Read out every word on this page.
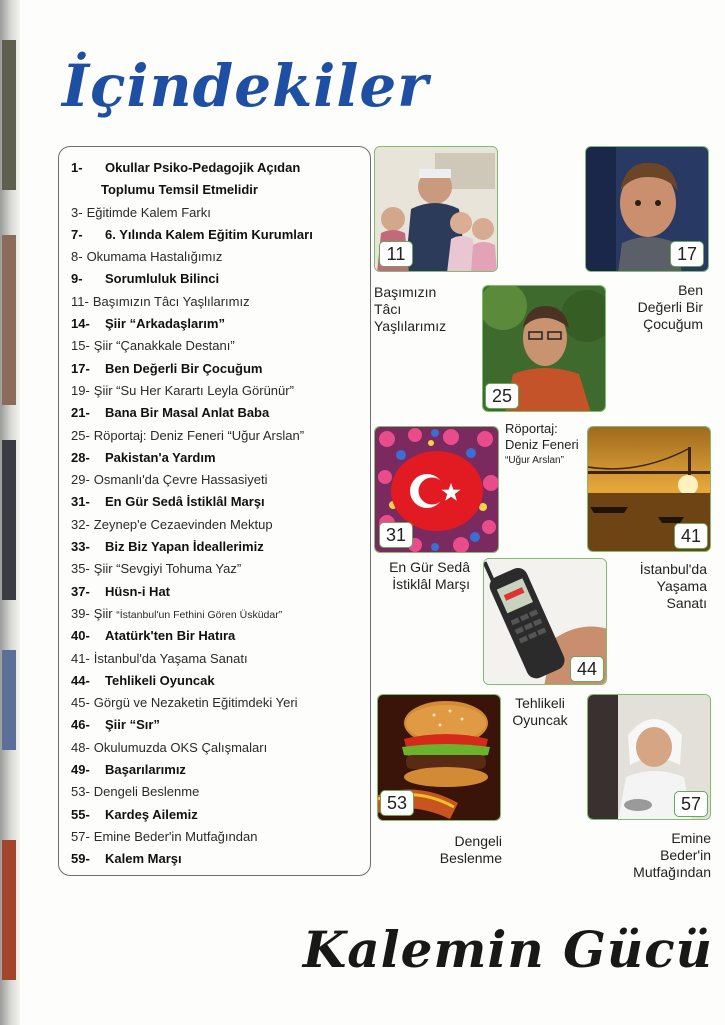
İçindekiler
1- Okullar Psiko-Pedagojik Açıdan
Toplumu Temsil Etmelidir
3- Eğitimde Kalem Farkı
7- 6. Yılında Kalem Eğitim Kurumları
8- Okumama Hastalığımız
9- Sorumluluk Bilinci
11- Başımızın Tâcı Yaşlılarımız
14- Şiir “Arkadaşlarım”
15- Şiir “Çanakkale Destanı”
17- Ben Değerli Bir Çocuğum
19- Şiir “Su Her Karartı Leyla Görünür”
21- Bana Bir Masal Anlat Baba
25- Röportaj: Deniz Feneri “Uğur Arslan”
28- Pakistan'a Yardım
29- Osmanlı'da Çevre Hassasiyeti
31- En Gür Sedâ İstiklâl Marşı
32- Zeynep'e Cezaevinden Mektup
33- Biz Biz Yapan İdeallerimiz
35- Şiir “Sevgiyi Tohuma Yaz”
37- Hüsn-i Hat
39- Şiir “İstanbul'un Fethini Gören Üsküdar”
40- Atatürk'ten Bir Hatıra
41- İstanbul'da Yaşama Sanatı
44- Tehlikeli Oyuncak
45- Görgü ve Nezaketin Eğitimdeki Yeri
46- Şiir “Sır”
48- Okulumuzda OKS Çalışmaları
49- Başarılarımız
53- Dengeli Beslenme
55- Kardeş Ailemiz
57- Emine Beder'in Mutfağından
59- Kalem Marşı
11
Başımızın
Tâcı
Yaşlılarımız
17
Ben
Değerli Bir
Çocuğum
25
Röportaj:
Deniz Feneri
“Uğur Arslan”
31
En Gür Sedâ
İstiklâl Marşı
41
İstanbul'da
Yaşama
Sanatı
44
Tehlikeli
Oyuncak
53
Dengeli
Beslenme
57
Emine
Beder'in
Mutfağından
Kalemin Gücü
